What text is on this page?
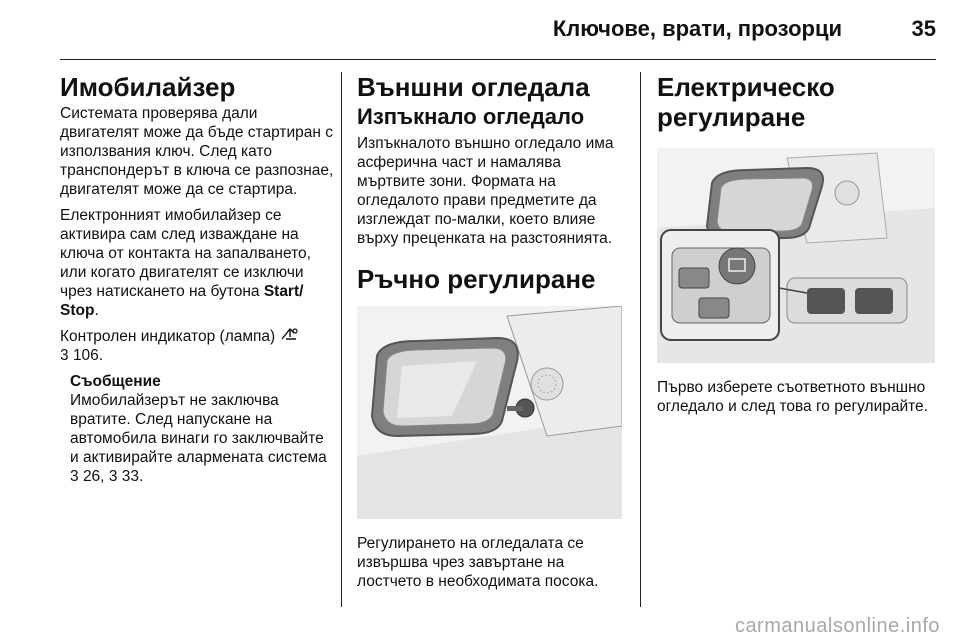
Ключове, врати, прозорци	35
Имобилайзер

Системата проверява дали двигателят може да бъде стартиран с използвания ключ. След като транспондерът в ключа се разпознае, двигателят може да се стартира.

Електронният имобилайзер се активира сам след изваждане на ключа от контакта на запалването, или когато двигателят се изключи чрез натискането на бутона Start/ Stop.

Контролен индикатор (лампа)
3 106.

Съобщение

Имобилайзерът не заключва вратите. След напускане на автомобила винаги го заключвайте и активирайте алармената система 3 26, 3 33.

Външни огледала
Изпъкнало огледало

Изпъкналото външно огледало има асферична част и намалява мъртвите зони. Формата на огледалото прави предметите да изглеждат по-малки, което влияе върху преценката на разстоянията.

Ръчно регулиране

Регулирането на огледалата се извършва чрез завъртане на лостчето в необходимата посока.

Електрическо регулиране

Първо изберете съответното външно огледало и след това го регулирайте.

carmanualsonline.info
